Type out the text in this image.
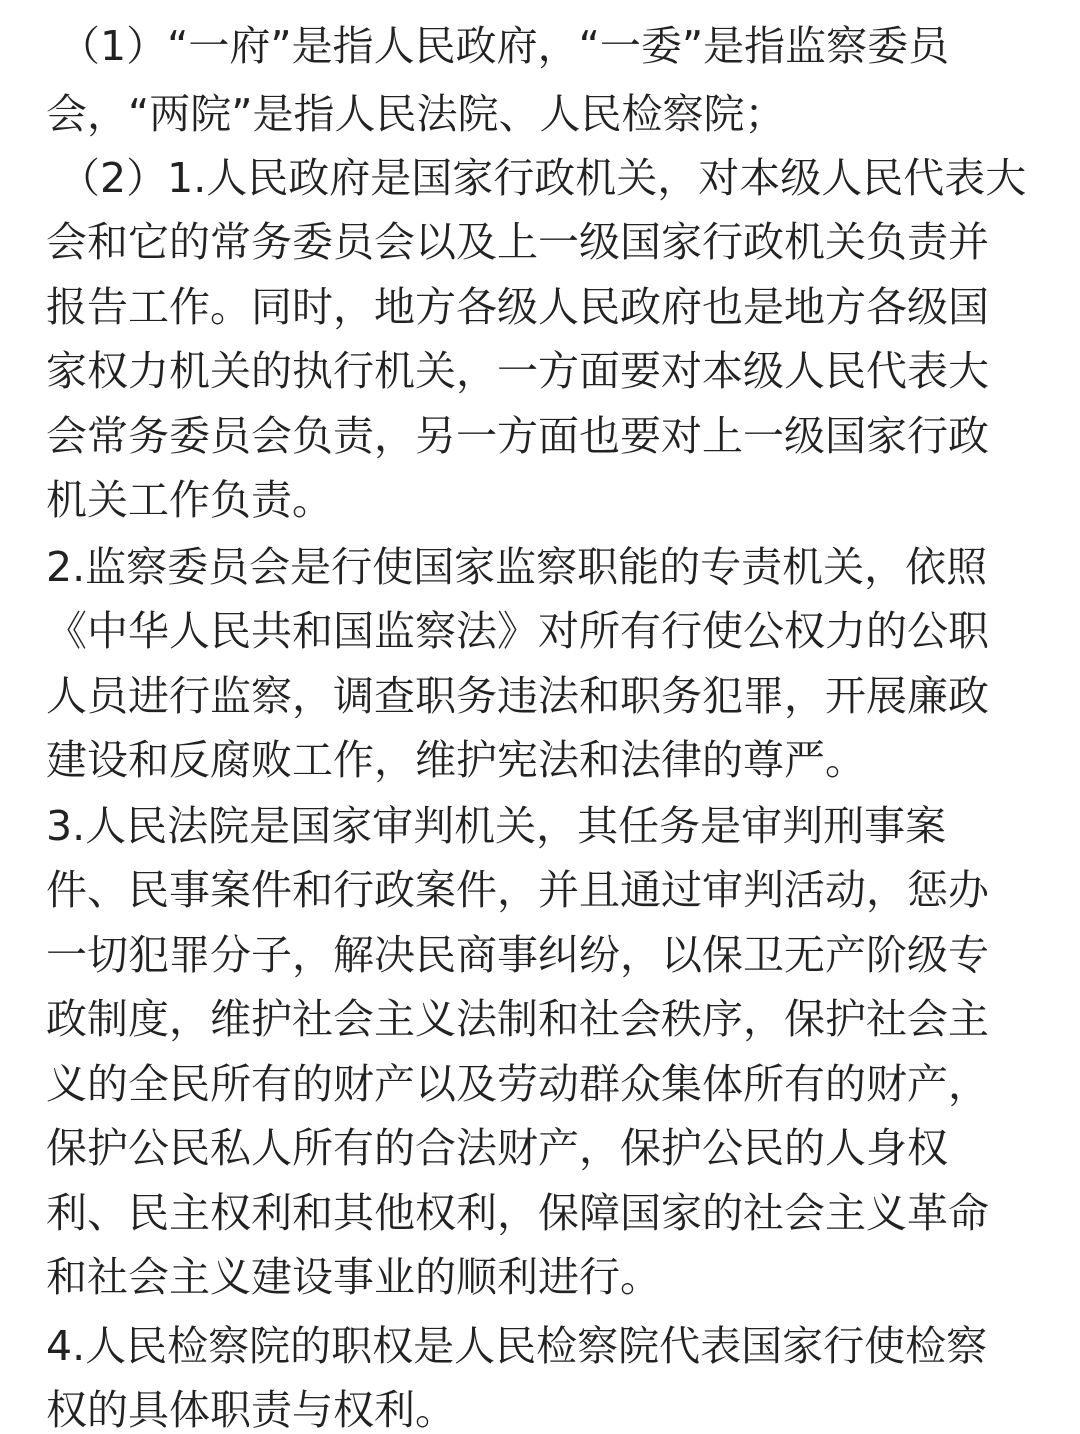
（1）“一府”是指人民政府，“一委”是指监察委员
会，“两院”是指人民法院、人民检察院；
（2）1.人民政府是国家行政机关，对本级人民代表大
会和它的常务委员会以及上一级国家行政机关负责并
报告工作。同时，地方各级人民政府也是地方各级国
家权力机关的执行机关，一方面要对本级人民代表大
会常务委员会负责，另一方面也要对上一级国家行政
机关工作负责。
2.监察委员会是行使国家监察职能的专责机关，依照
《中华人民共和国监察法》对所有行使公权力的公职
人员进行监察，调查职务违法和职务犯罪，开展廉政
建设和反腐败工作，维护宪法和法律的尊严。
3.人民法院是国家审判机关，其任务是审判刑事案
件、民事案件和行政案件，并且通过审判活动，惩办
一切犯罪分子，解决民商事纠纷，以保卫无产阶级专
政制度，维护社会主义法制和社会秩序，保护社会主
义的全民所有的财产以及劳动群众集体所有的财产，
保护公民私人所有的合法财产，保护公民的人身权
利、民主权利和其他权利，保障国家的社会主义革命
和社会主义建设事业的顺利进行。
4.人民检察院的职权是人民检察院代表国家行使检察
权的具体职责与权利。
